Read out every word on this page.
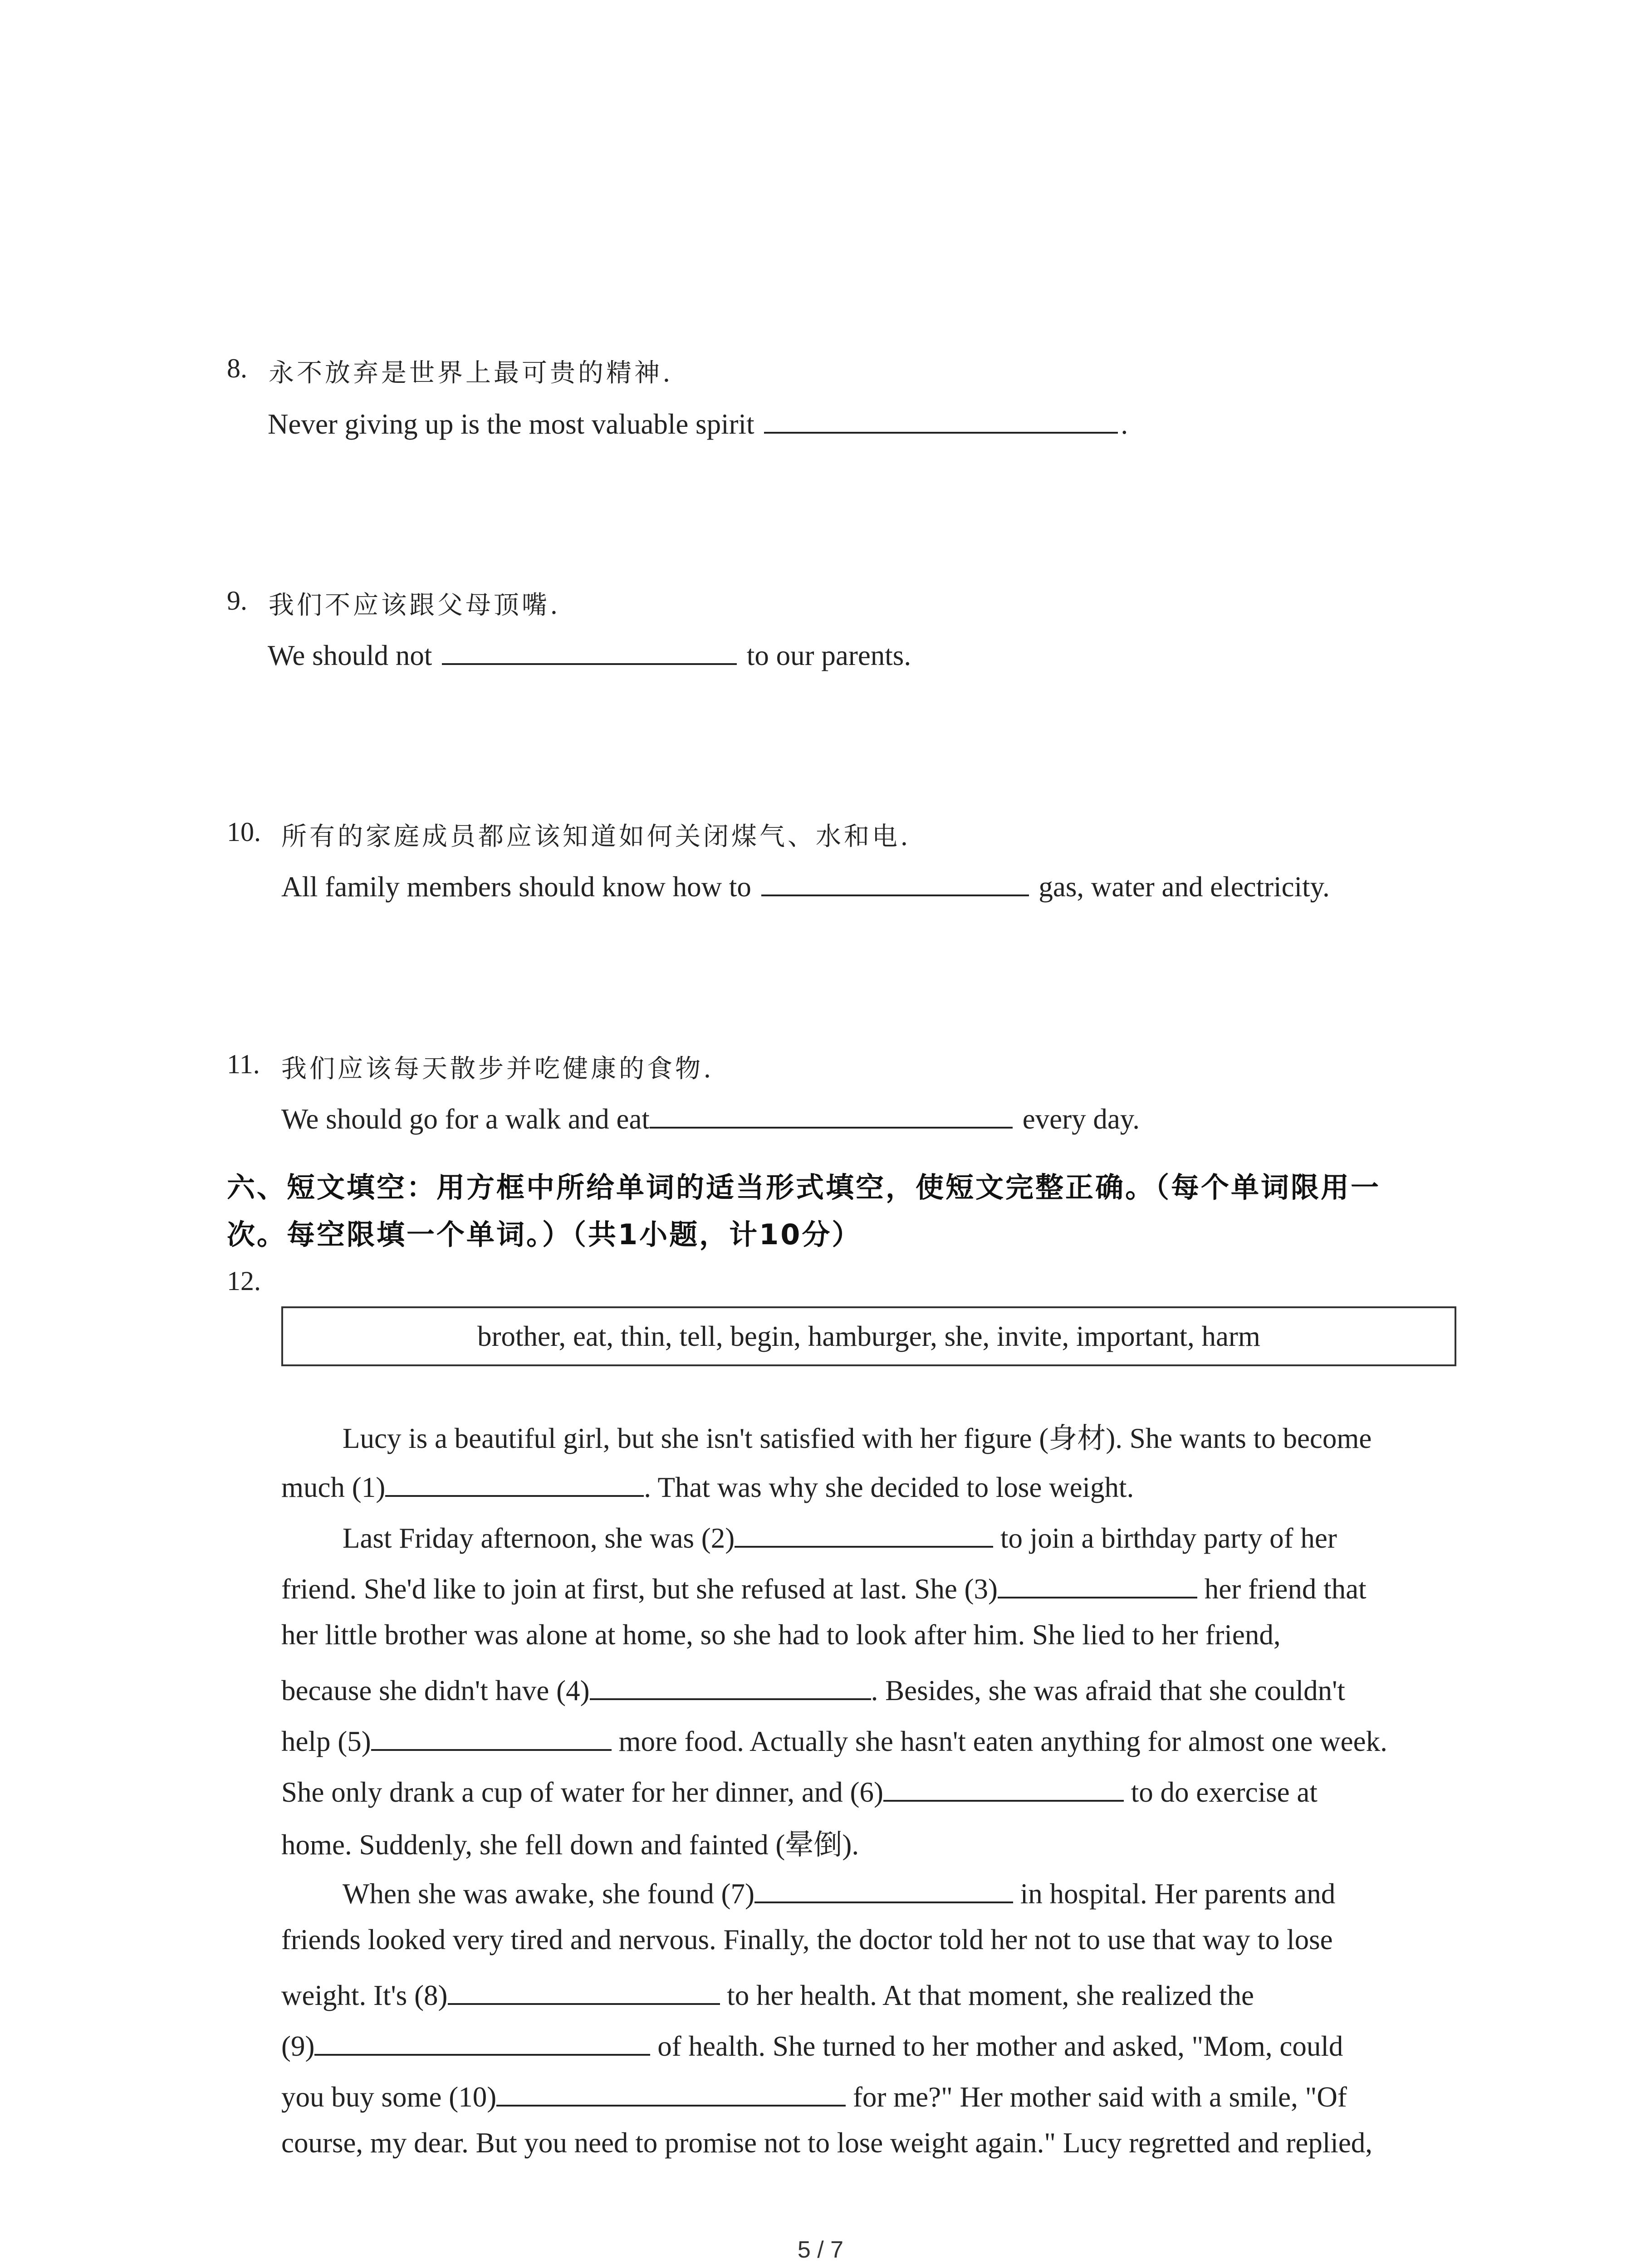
8. 永不放弃是世界上最可贵的精神.
Never giving up is the most valuable spirit	.
9. 我们不应该跟父母顶嘴.
We should not	to our parents.
10. 所有的家庭成员都应该知道如何关闭煤气、水和电.
All family members should know how to	gas, water and electricity.
11. 我们应该每天散步并吃健康的食物.
We should go for a walk and eat	every day.
六、短文填空：用方框中所给单词的适当形式填空，使短文完整正确。（每个单词限用一
次。每空限填一个单词。）（共1小题，计10分）
12.
brother, eat, thin, tell, begin, hamburger, she, invite, important, harm
Lucy is a beautiful girl, but she isn't satisfied with her figure (身材). She wants to become
much (1)	. That was why she decided to lose weight.
Last Friday afternoon, she was (2)	to join a birthday party of her
friend. She'd like to join at first, but she refused at last. She (3)	her friend that
her little brother was alone at home, so she had to look after him. She lied to her friend,
because she didn't have (4)	. Besides, she was afraid that she couldn't
help (5)	more food. Actually she hasn't eaten anything for almost one week.
She only drank a cup of water for her dinner, and (6)	to do exercise at
home. Suddenly, she fell down and fainted (晕倒).
When she was awake, she found (7)	in hospital. Her parents and
friends looked very tired and nervous. Finally, the doctor told her not to use that way to lose
weight. It's (8)	to her health. At that moment, she realized the
(9)	of health. She turned to her mother and asked, "Mom, could
you buy some (10)	for me?" Her mother said with a smile, "Of
course, my dear. But you need to promise not to lose weight again." Lucy regretted and replied,
5 / 7
